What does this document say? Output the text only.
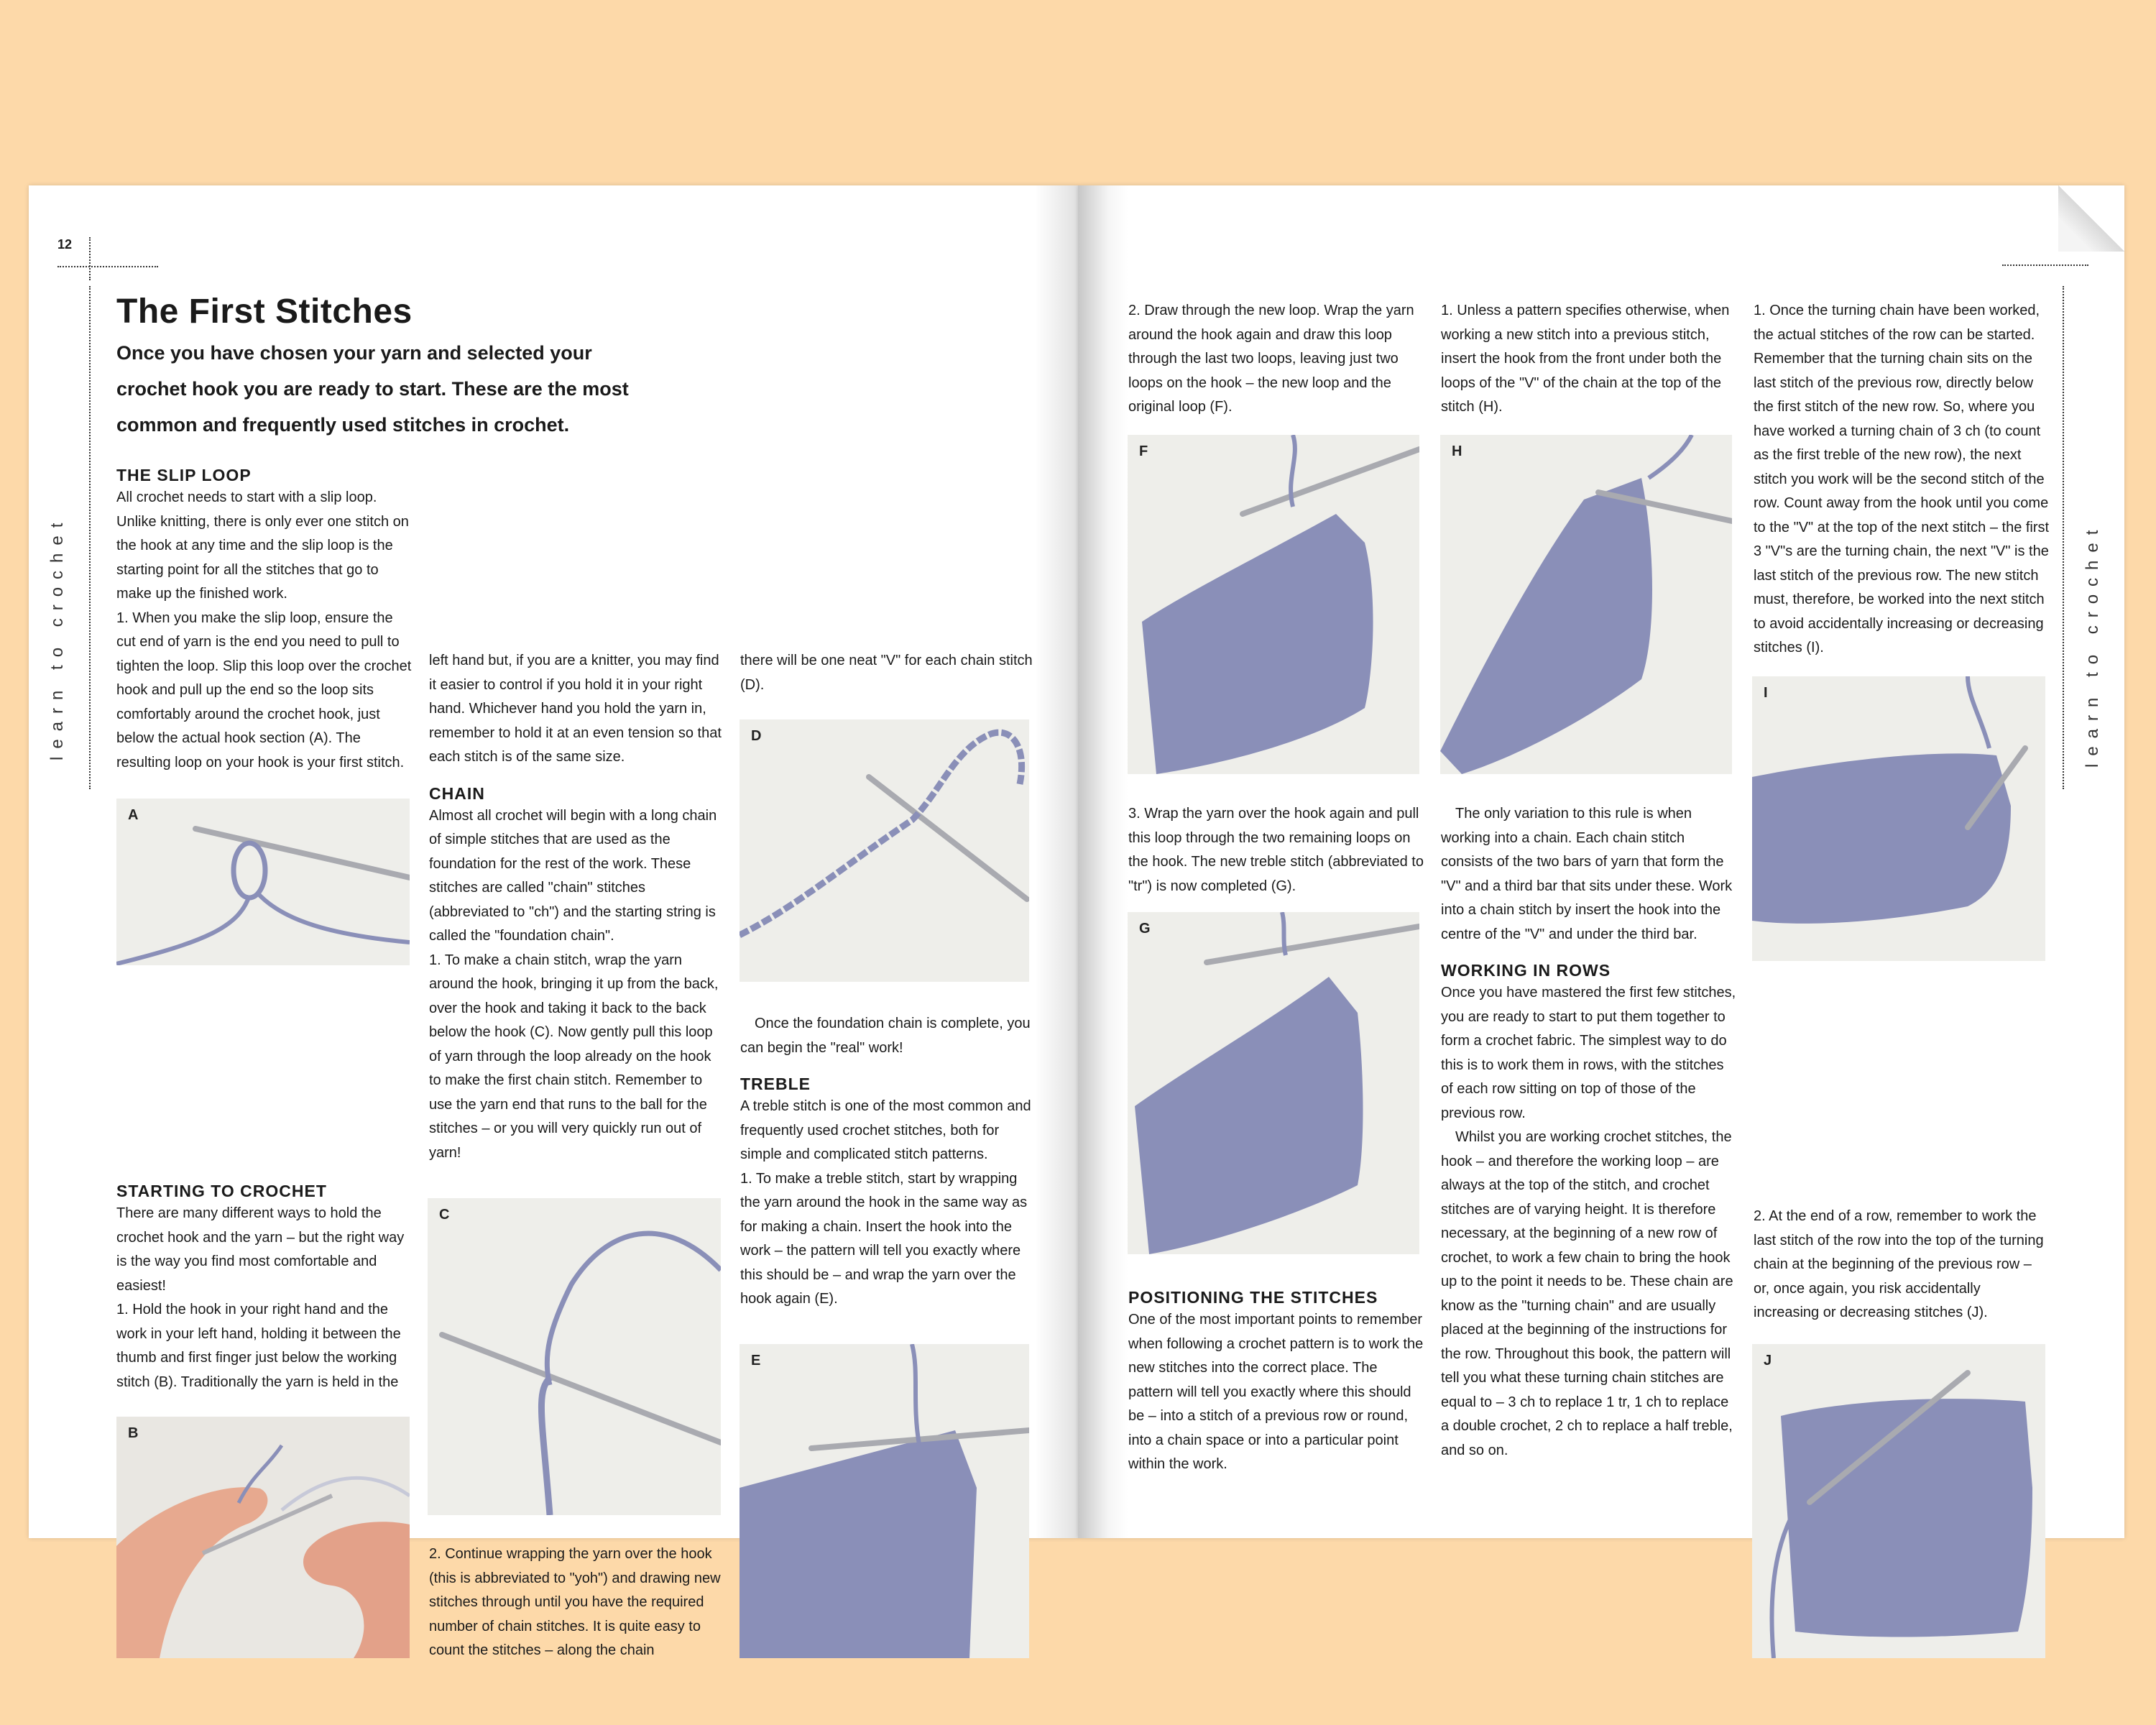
12
learn to crochet
The First Stitches

Once you have chosen your yarn and selected your crochet hook you are ready to start. These are the most common and frequently used stitches in crochet.

THE SLIP LOOP

All crochet needs to start with a slip loop. Unlike knitting, there is only ever one stitch on the hook at any time and the slip loop is the starting point for all the stitches that go to make up the finished work.

1. When you make the slip loop, ensure the cut end of yarn is the end you need to pull to tighten the loop. Slip this loop over the crochet hook and pull up the end so the loop sits comfortably around the crochet hook, just below the actual hook section (A). The resulting loop on your hook is your first stitch.

A
STARTING TO CROCHET

There are many different ways to hold the crochet hook and the yarn – but the right way is the way you find most comfortable and easiest!

1. Hold the hook in your right hand and the work in your left hand, holding it between the thumb and first finger just below the working stitch (B). Traditionally the yarn is held in the

B

left hand but, if you are a knitter, you may find it easier to control if you hold it in your right hand. Whichever hand you hold the yarn in, remember to hold it at an even tension so that each stitch is of the same size.

CHAIN

Almost all crochet will begin with a long chain of simple stitches that are used as the foundation for the rest of the work. These stitches are called "chain" stitches (abbreviated to "ch") and the starting string is called the "foundation chain".

1. To make a chain stitch, wrap the yarn around the hook, bringing it up from the back, over the hook and taking it back to the back below the hook (C). Now gently pull this loop of yarn through the loop already on the hook to make the first chain stitch. Remember to use the yarn end that runs to the ball for the stitches – or you will very quickly run out of yarn!

C

2. Continue wrapping the yarn over the hook (this is abbreviated to "yoh") and drawing new stitches through until you have the required number of chain stitches. It is quite easy to count the stitches – along the chain

there will be one neat "V" for each chain stitch (D).

D

Once the foundation chain is complete, you can begin the "real" work!

TREBLE

A treble stitch is one of the most common and frequently used crochet stitches, both for simple and complicated stitch patterns.

1. To make a treble stitch, start by wrapping the yarn around the hook in the same way as for making a chain. Insert the hook into the work – the pattern will tell you exactly where this should be – and wrap the yarn over the hook again (E).

E
learn to crochet

2. Draw through the new loop. Wrap the yarn around the hook again and draw this loop through the last two loops, leaving just two loops on the hook – the new loop and the original loop (F).

F

3. Wrap the yarn over the hook again and pull this loop through the two remaining loops on the hook. The new treble stitch (abbreviated to "tr") is now completed (G).

G
POSITIONING THE STITCHES

One of the most important points to remember when following a crochet pattern is to work the new stitches into the correct place. The pattern will tell you exactly where this should be – into a stitch of a previous row or round, into a chain space or into a particular point within the work.

1. Unless a pattern specifies otherwise, when working a new stitch into a previous stitch, insert the hook from the front under both the loops of the "V" of the chain at the top of the stitch (H).

H

The only variation to this rule is when working into a chain. Each chain stitch consists of the two bars of yarn that form the "V" and a third bar that sits under these. Work into a chain stitch by insert the hook into the centre of the "V" and under the third bar.

WORKING IN ROWS

Once you have mastered the first few stitches, you are ready to start to put them together to form a crochet fabric. The simplest way to do this is to work them in rows, with the stitches of each row sitting on top of those of the previous row.

Whilst you are working crochet stitches, the hook – and therefore the working loop – are always at the top of the stitch, and crochet stitches are of varying height. It is therefore necessary, at the beginning of a new row of crochet, to work a few chain to bring the hook up to the point it needs to be. These chain are know as the "turning chain" and are usually placed at the beginning of the instructions for the row. Throughout this book, the pattern will tell you what these turning chain stitches are equal to – 3 ch to replace 1 tr, 1 ch to replace a double crochet, 2 ch to replace a half treble, and so on.

1. Once the turning chain have been worked, the actual stitches of the row can be started. Remember that the turning chain sits on the last stitch of the previous row, directly below the first stitch of the new row. So, where you have worked a turning chain of 3 ch (to count as the first treble of the new row), the next stitch you work will be the second stitch of the row. Count away from the hook until you come to the "V" at the top of the next stitch – the first 3 "V"s are the turning chain, the next "V" is the last stitch of the previous row. The new stitch must, therefore, be worked into the next stitch to avoid accidentally increasing or decreasing stitches (I).

I

2. At the end of a row, remember to work the last stitch of the row into the top of the turning chain at the beginning of the previous row – or, once again, you risk accidentally increasing or decreasing stitches (J).

J
